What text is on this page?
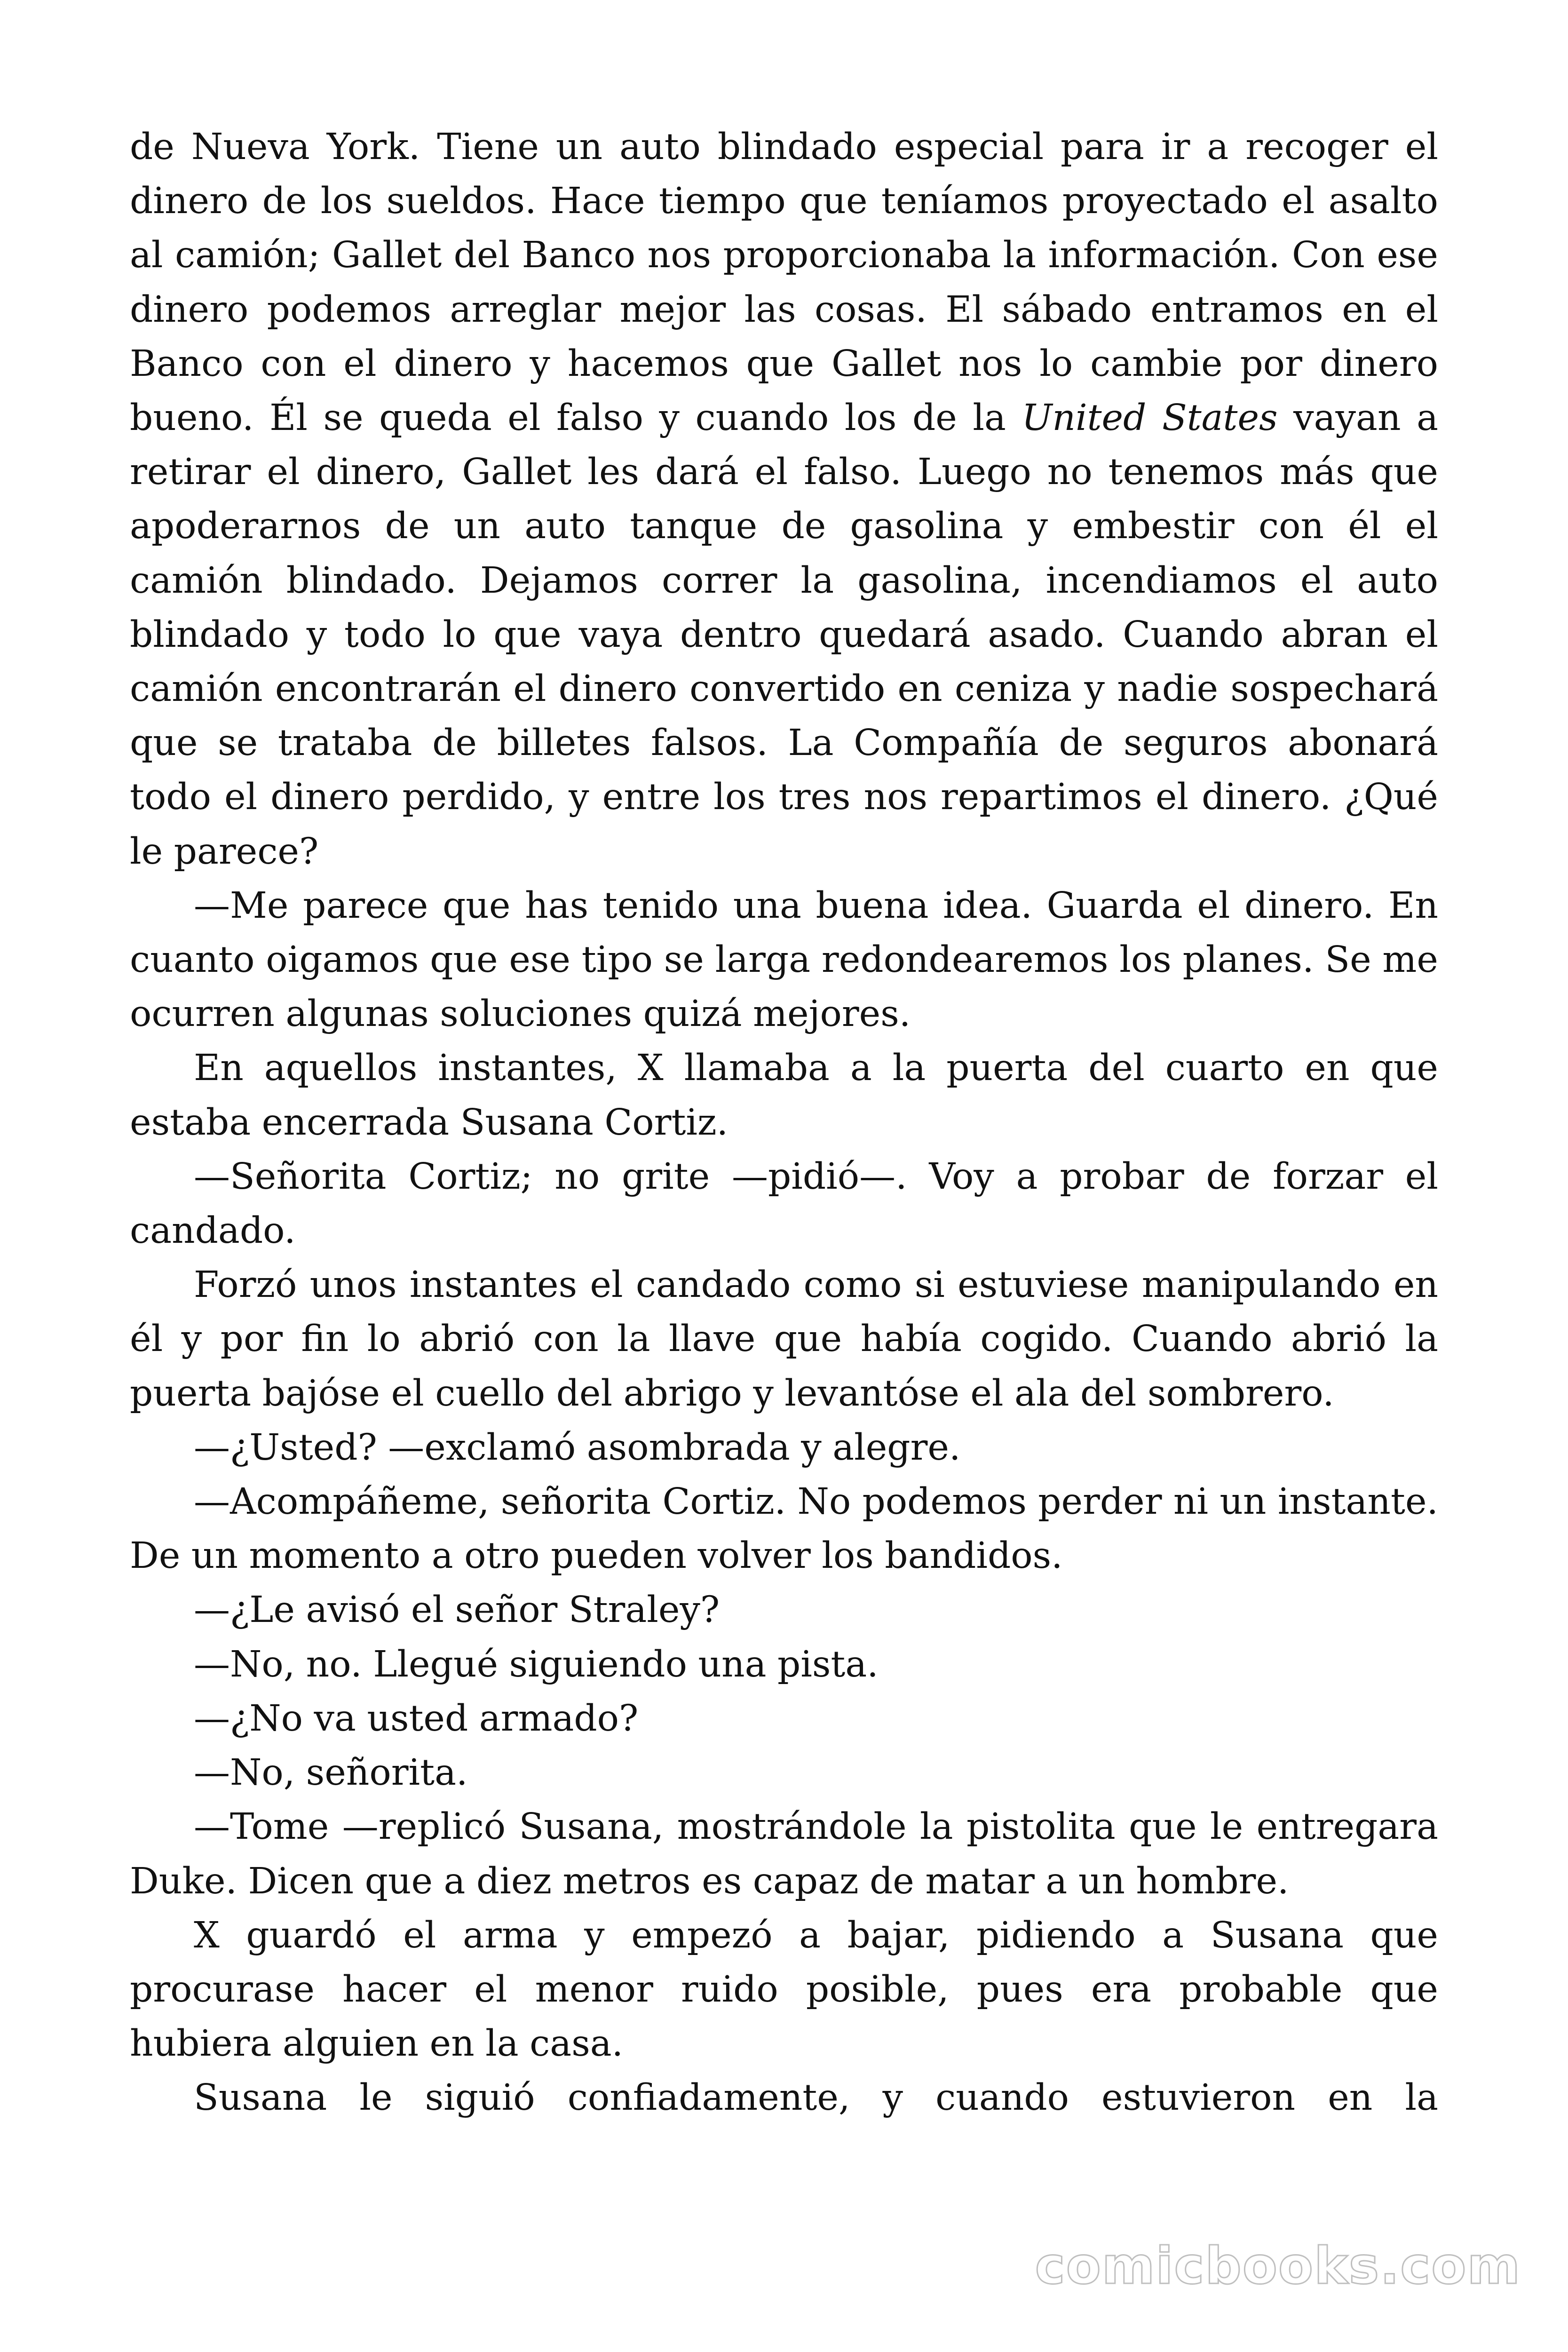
de Nueva York. Tiene un auto blindado especial para ir a recoger el dinero de los sueldos. Hace tiempo que teníamos proyectado el asalto al camión; Gallet del Banco nos proporcionaba la información. Con ese dinero podemos arreglar mejor las cosas. El sábado entramos en el Banco con el dinero y hacemos que Gallet nos lo cambie por dinero bueno. Él se queda el falso y cuando los de la United States vayan a retirar el dinero, Gallet les dará el falso. Luego no tenemos más que apoderarnos de un auto tanque de gasolina y embestir con él el camión blindado. Dejamos correr la gasolina, incendiamos el auto blindado y todo lo que vaya dentro quedará asado. Cuando abran el camión encontrarán el dinero convertido en ceniza y nadie sospechará que se trataba de billetes falsos. La Compañía de seguros abonará todo el dinero perdido, y entre los tres nos repartimos el dinero. ¿Qué le parece?

—Me parece que has tenido una buena idea. Guarda el dinero. En cuanto oigamos que ese tipo se larga redondearemos los planes. Se me ocurren algunas soluciones quizá mejores.

En aquellos instantes, X llamaba a la puerta del cuarto en que estaba encerrada Susana Cortiz.

—Señorita Cortiz; no grite —pidió—. Voy a probar de forzar el candado.

Forzó unos instantes el candado como si estuviese manipulando en él y por fin lo abrió con la llave que había cogido. Cuando abrió la puerta bajóse el cuello del abrigo y levantóse el ala del sombrero.

—¿Usted? —exclamó asombrada y alegre.

—Acompáñeme, señorita Cortiz. No podemos perder ni un instante. De un momento a otro pueden volver los bandidos.

—¿Le avisó el señor Straley?

—No, no. Llegué siguiendo una pista.

—¿No va usted armado?

—No, señorita.

—Tome —replicó Susana, mostrándole la pistolita que le entregara Duke. Dicen que a diez metros es capaz de matar a un hombre.

X guardó el arma y empezó a bajar, pidiendo a Susana que procurase hacer el menor ruido posible, pues era probable que hubiera alguien en la casa.

Susana le siguió confiadamente, y cuando estuvieron en la

comicbooks.com
